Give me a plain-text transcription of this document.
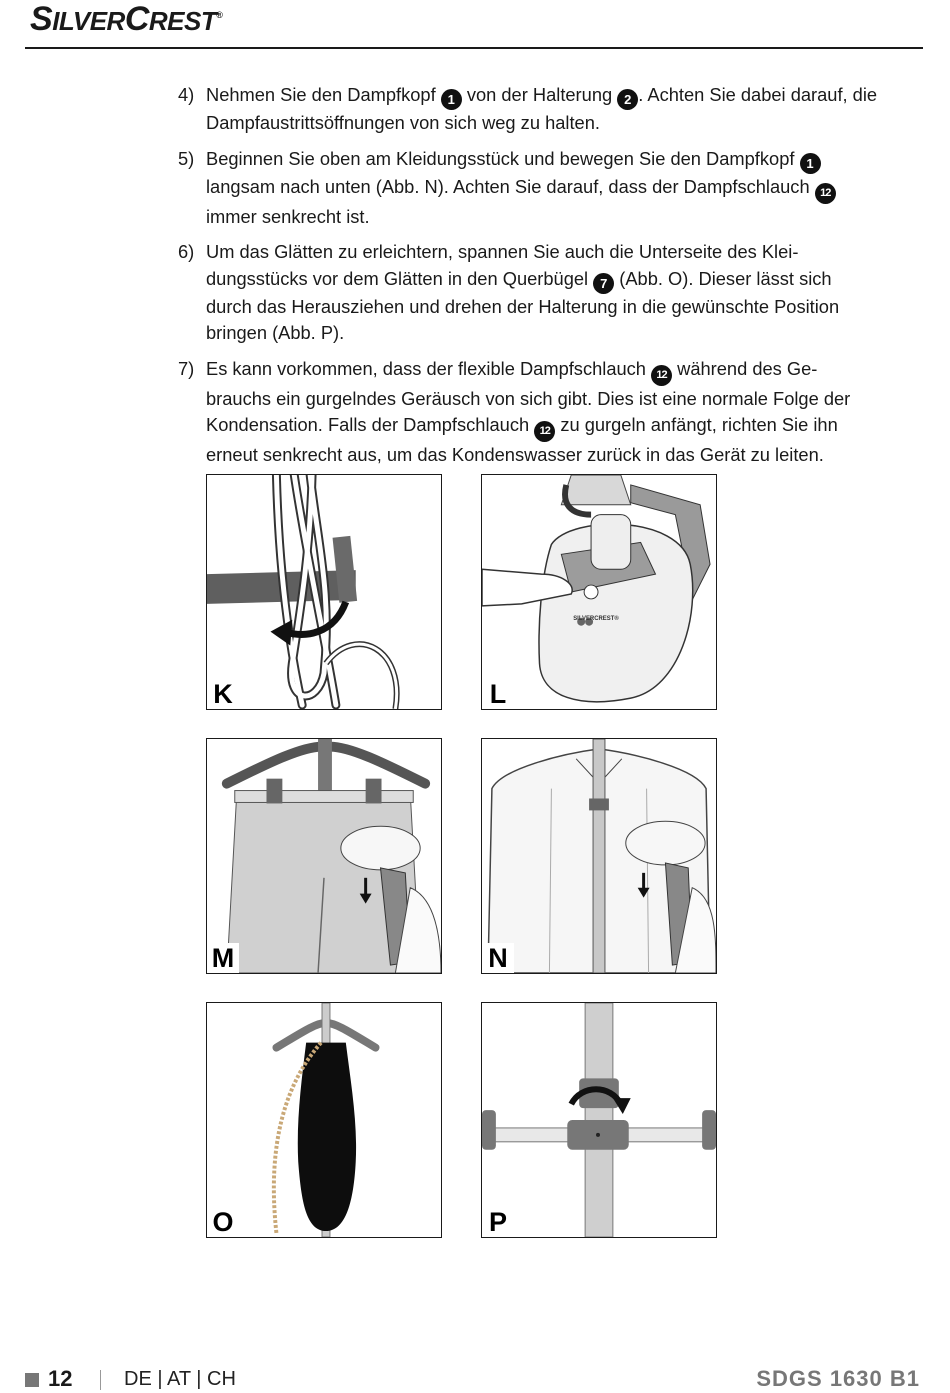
SILVERCREST®
4) Nehmen Sie den Dampfkopf 1 von der Halterung 2 . Achten Sie dabei darauf, die Dampfaustrittsöffnungen von sich weg zu halten.
5) Beginnen Sie oben am Kleidungsstück und bewegen Sie den Dampfkopf 1 langsam nach unten (Abb. N). Achten Sie darauf, dass der Dampfschlauch 12 immer senkrecht ist.
6) Um das Glätten zu erleichtern, spannen Sie auch die Unterseite des Klei-dungsstücks vor dem Glätten in den Querbügel 7 (Abb. O). Dieser lässt sich durch das Herausziehen und drehen der Halterung in die gewünschte Position bringen (Abb. P).
7) Es kann vorkommen, dass der flexible Dampfschlauch 12 während des Ge-brauchs ein gurgelndes Geräusch von sich gibt. Dies ist eine normale Folge der Kondensation. Falls der Dampfschlauch 12 zu gurgeln anfängt, richten Sie ihn erneut senkrecht aus, um das Kondenswasser zurück in das Gerät zu leiten.
K
SILVERCREST®
L
M	N
O	P
12	DE | AT | CH	SDGS 1630 B1
